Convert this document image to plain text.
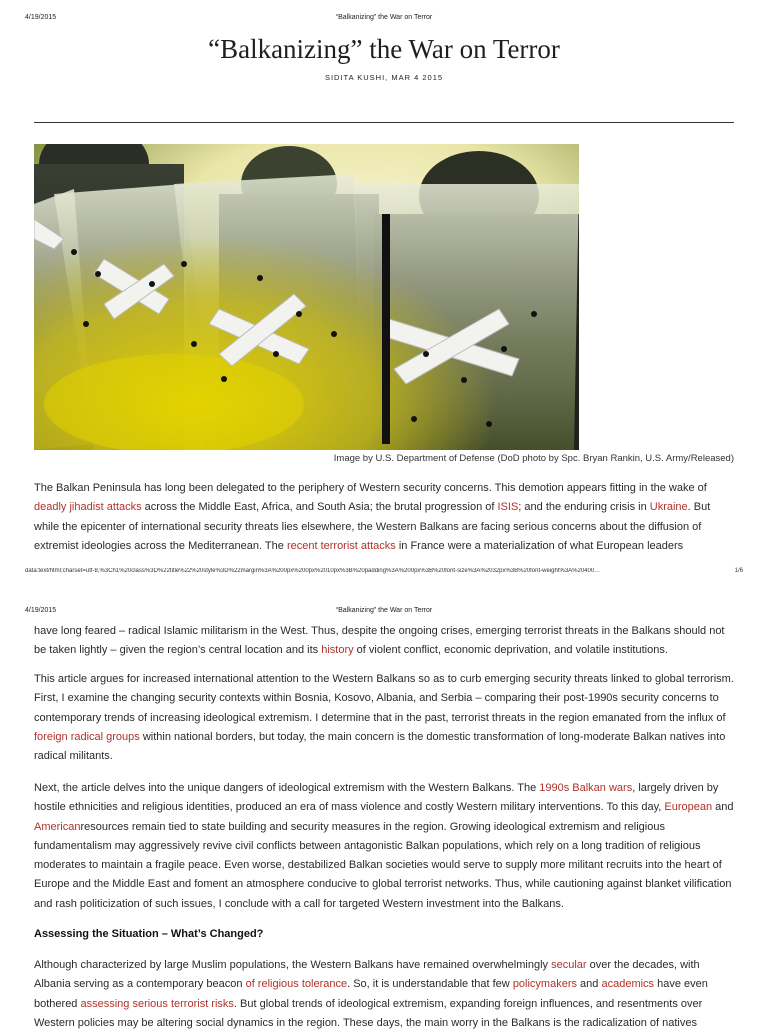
4/19/2015	“Balkanizing” the War on Terror
“Balkanizing” the War on Terror
SIDITA KUSHI, MAR 4 2015
Image by U.S. Department of Defense (DoD photo by Spc. Bryan Rankin, U.S. Army/Released)

The Balkan Peninsula has long been delegated to the periphery of Western security concerns. This demotion appears fitting in the wake of deadly jihadist attacks across the Middle East, Africa, and South Asia; the brutal progression of ISIS; and the enduring crisis in Ukraine. But while the epicenter of international security threats lies elsewhere, the Western Balkans are facing serious concerns about the diffusion of extremist ideologies across the Mediterranean. The recent terrorist attacks in France were a materialization of what European leaders

data:text/html;charset=utf-8,%3Ch1%20class%3D%22title%22%20style%3D%22margin%3A%200px%200px%2010px%3B%20padding%3A%200px%3B%20font-size%3A%2032px%3B%20font-weight%3A%20400…	1/6
4/19/2015	“Balkanizing” the War on Terror

have long feared – radical Islamic militarism in the West. Thus, despite the ongoing crises, emerging terrorist threats in the Balkans should not be taken lightly – given the region’s central location and its history of violent conflict, economic deprivation, and volatile institutions.

This article argues for increased international attention to the Western Balkans so as to curb emerging security threats linked to global terrorism. First, I examine the changing security contexts within Bosnia, Kosovo, Albania, and Serbia – comparing their post-1990s security concerns to contemporary trends of increasing ideological extremism. I determine that in the past, terrorist threats in the region emanated from the influx of foreign radical groups within national borders, but today, the main concern is the domestic transformation of long-moderate Balkan natives into radical militants.

Next, the article delves into the unique dangers of ideological extremism with the Western Balkans. The 1990s Balkan wars, largely driven by hostile ethnicities and religious identities, produced an era of mass violence and costly Western military interventions. To this day, European and Americanresources remain tied to state building and security measures in the region. Growing ideological extremism and religious fundamentalism may aggressively revive civil conflicts between antagonistic Balkan populations, which rely on a long tradition of religious moderates to maintain a fragile peace. Even worse, destabilized Balkan societies would serve to supply more militant recruits into the heart of Europe and the Middle East and foment an atmosphere conducive to global terrorist networks. Thus, while cautioning against blanket vilification and rash politicization of such issues, I conclude with a call for targeted Western investment into the Balkans.

Assessing the Situation – What’s Changed?

Although characterized by large Muslim populations, the Western Balkans have remained overwhelmingly secular over the decades, with Albania serving as a contemporary beacon of religious tolerance. So, it is understandable that few policymakers and academics have even bothered assessing serious terrorist risks. But global trends of ideological extremism, expanding foreign influences, and resentments over Western policies may be altering social dynamics in the region. These days, the main worry in the Balkans is the radicalization of natives
